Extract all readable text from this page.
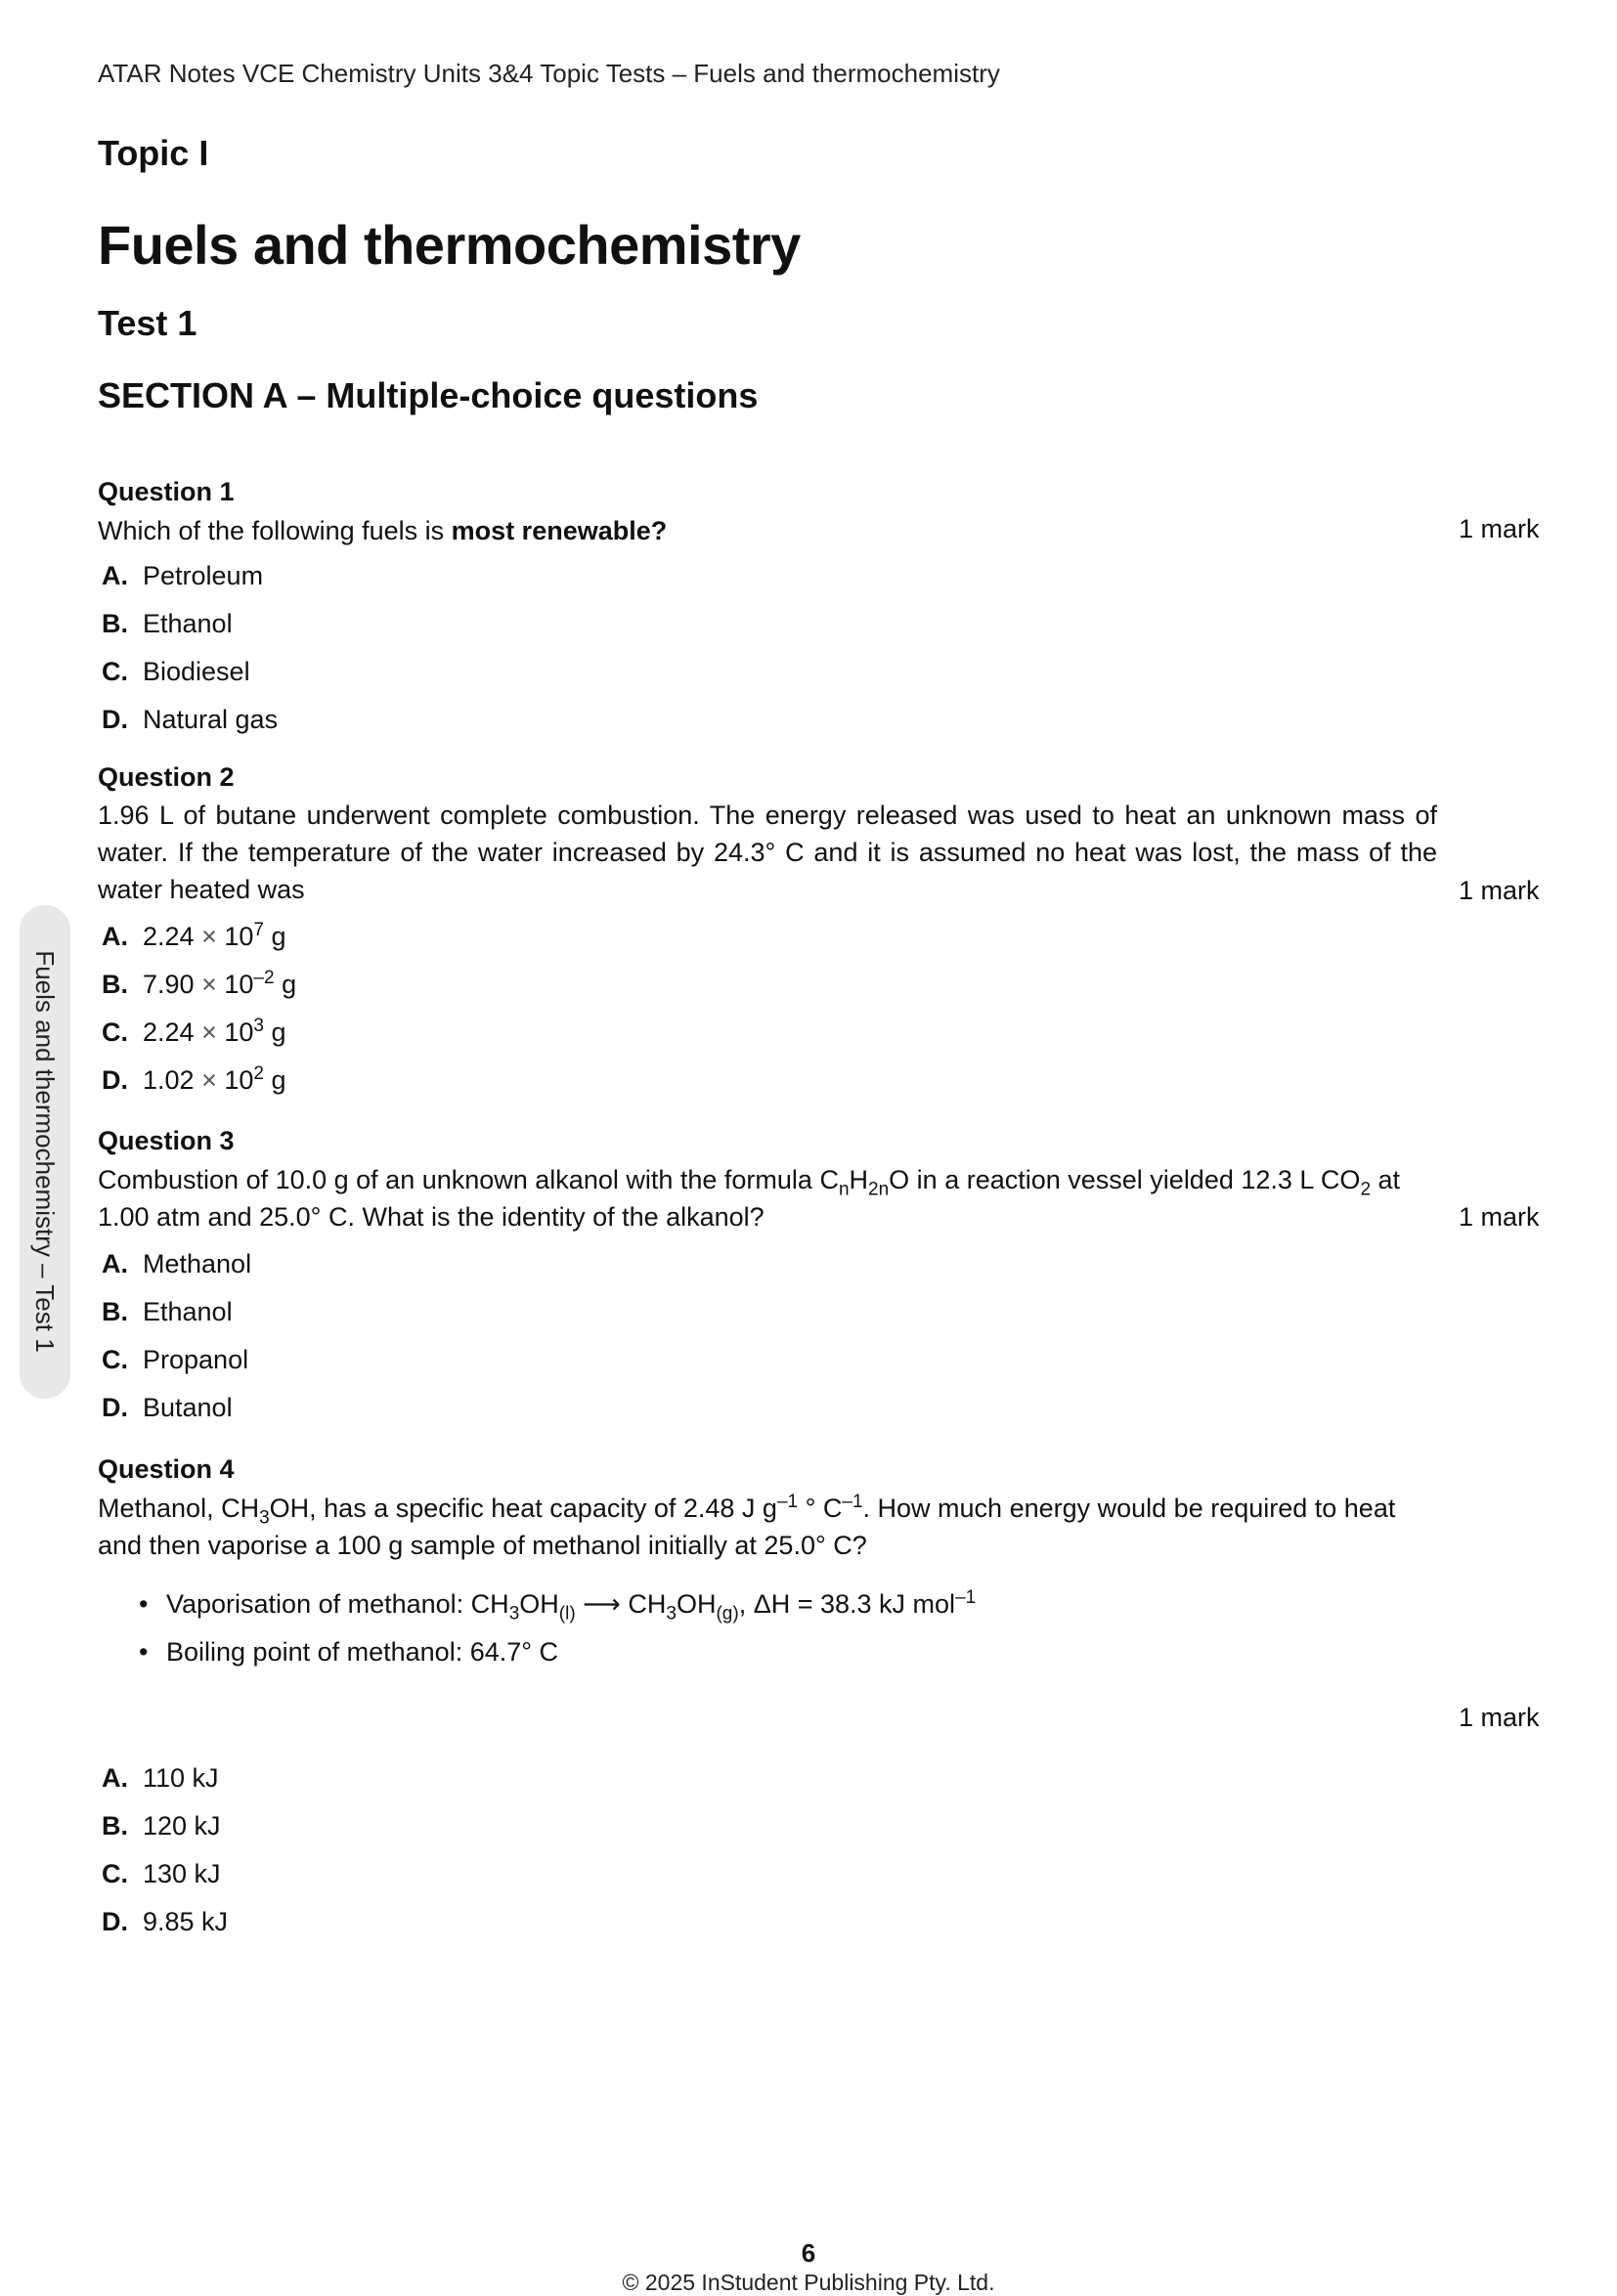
ATAR Notes VCE Chemistry Units 3&4 Topic Tests – Fuels and thermochemistry
Topic I
Fuels and thermochemistry
Test 1
SECTION A – Multiple-choice questions
Fuels and thermochemistry – Test 1
Question 1
Which of the following fuels is most renewable?	1 mark
A. Petroleum
B. Ethanol
C. Biodiesel
D. Natural gas
Question 2
1.96 L of butane underwent complete combustion. The energy released was used to heat an unknown mass of water. If the temperature of the water increased by 24.3° C and it is assumed no heat was lost, the mass of the water heated was	1 mark
A. $2.24 \times 10^7$ g
B. $7.90 \times 10^{-2}$ g
C. $2.24 \times 10^3$ g
D. $1.02 \times 10^2$ g
Question 3
Combustion of 10.0 g of an unknown alkanol with the formula $C_nH_{2n}O$ in a reaction vessel yielded 12.3 L $CO_2$ at
1.00 atm and 25.0° C. What is the identity of the alkanol?	1 mark
A. Methanol
B. Ethanol
C. Propanol
D. Butanol
Question 4
Methanol, $CH_3OH$, has a specific heat capacity of 2.48 J $g^{-1}$ ° $C^{-1}$. How much energy would be required to heat
and then vaporise a 100 g sample of methanol initially at 25.0° C?
• Vaporisation of methanol: $CH_3OH_{(l)}$ ⟶ $CH_3OH_{(g)}$, ΔH = 38.3 kJ mol$^{-1}$
• Boiling point of methanol: 64.7° C
1 mark
A. 110 kJ
B. 120 kJ
C. 130 kJ
D. 9.85 kJ
6
© 2025 InStudent Publishing Pty. Ltd.
